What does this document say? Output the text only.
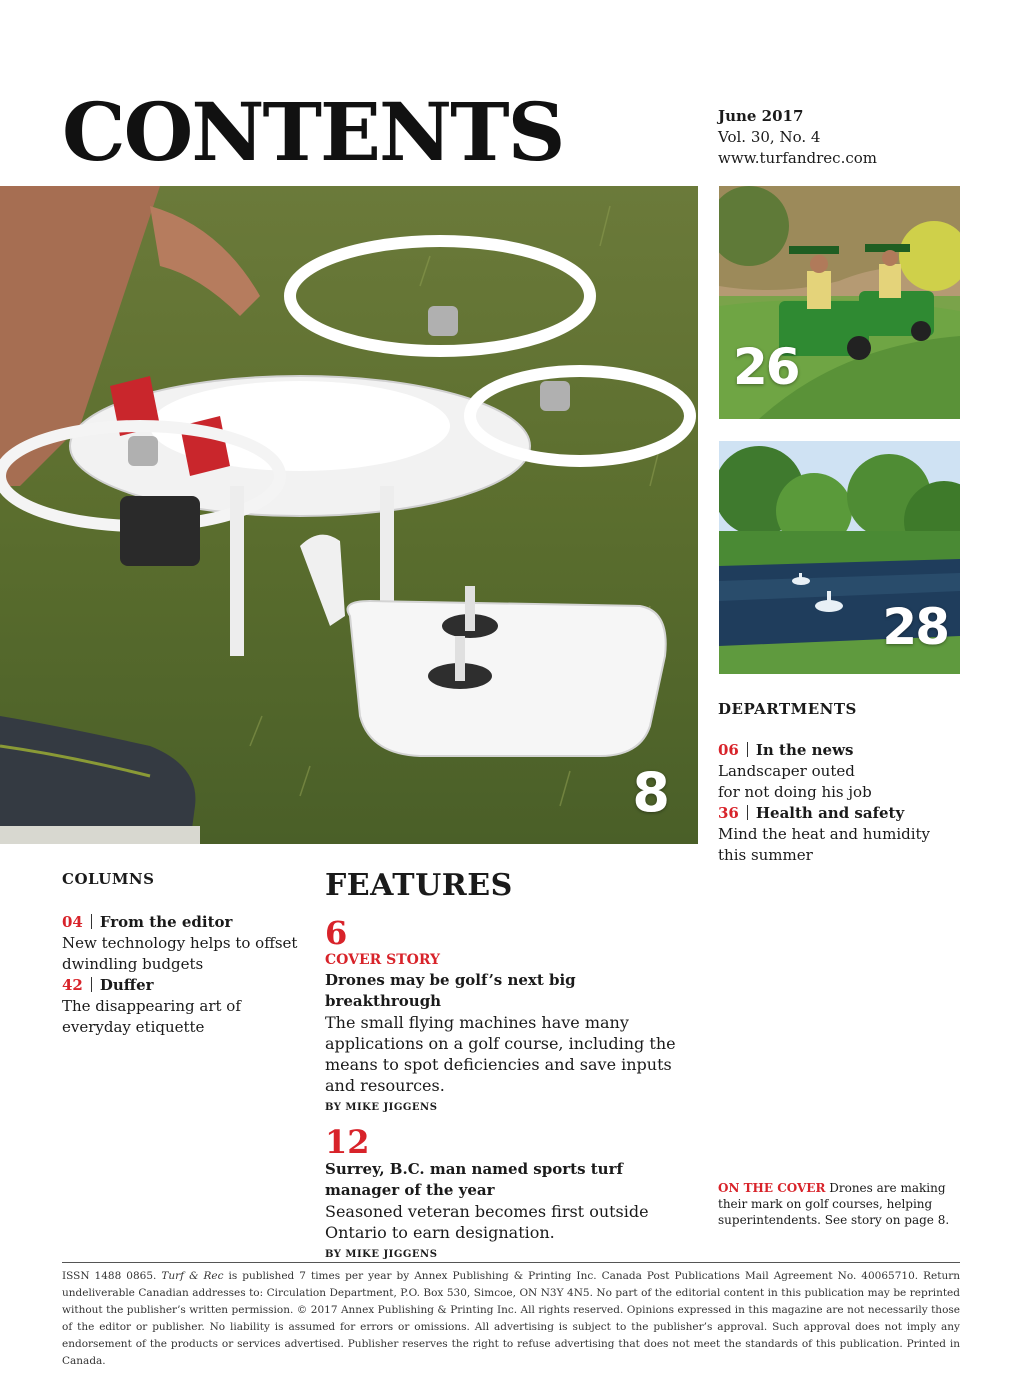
CONTENTS	June 2017
Vol. 30, No. 4
www.turfandrec.com
8
26
28
DEPARTMENTS
06 In the news
Landscaper outed
for not doing his job
36 Health and safety
Mind the heat and humidity
this summer
COLUMNS
04 From the editor
New technology helps to offset
dwindling budgets
42 Duffer
The disappearing art of
everyday etiquette
FEATURES
6
COVER STORY
Drones may be golf’s next big breakthrough
The small flying machines have many applications on a golf course, including the means to spot deficiencies and save inputs and resources.
BY MIKE JIGGENS
12
Surrey, B.C. man named sports turf manager of the year
Seasoned veteran becomes first outside Ontario to earn designation.
BY MIKE JIGGENS
ON THE COVER Drones are making their mark on golf courses, helping superintendents. See story on page 8.
ISSN 1488 0865. Turf & Rec is published 7 times per year by Annex Publishing & Printing Inc. Canada Post Publications Mail Agreement No. 40065710. Return undeliverable Canadian addresses to: Circulation Department, P.O. Box 530, Simcoe, ON N3Y 4N5. No part of the editorial content in this publication may be reprinted without the publisher’s written permission. © 2017 Annex Publishing & Printing Inc. All rights reserved. Opinions expressed in this magazine are not necessarily those of the editor or publisher. No liability is assumed for errors or omissions. All advertising is subject to the publisher’s approval. Such approval does not imply any endorsement of the products or services advertised. Publisher reserves the right to refuse advertising that does not meet the standards of this publication. Printed in Canada.
